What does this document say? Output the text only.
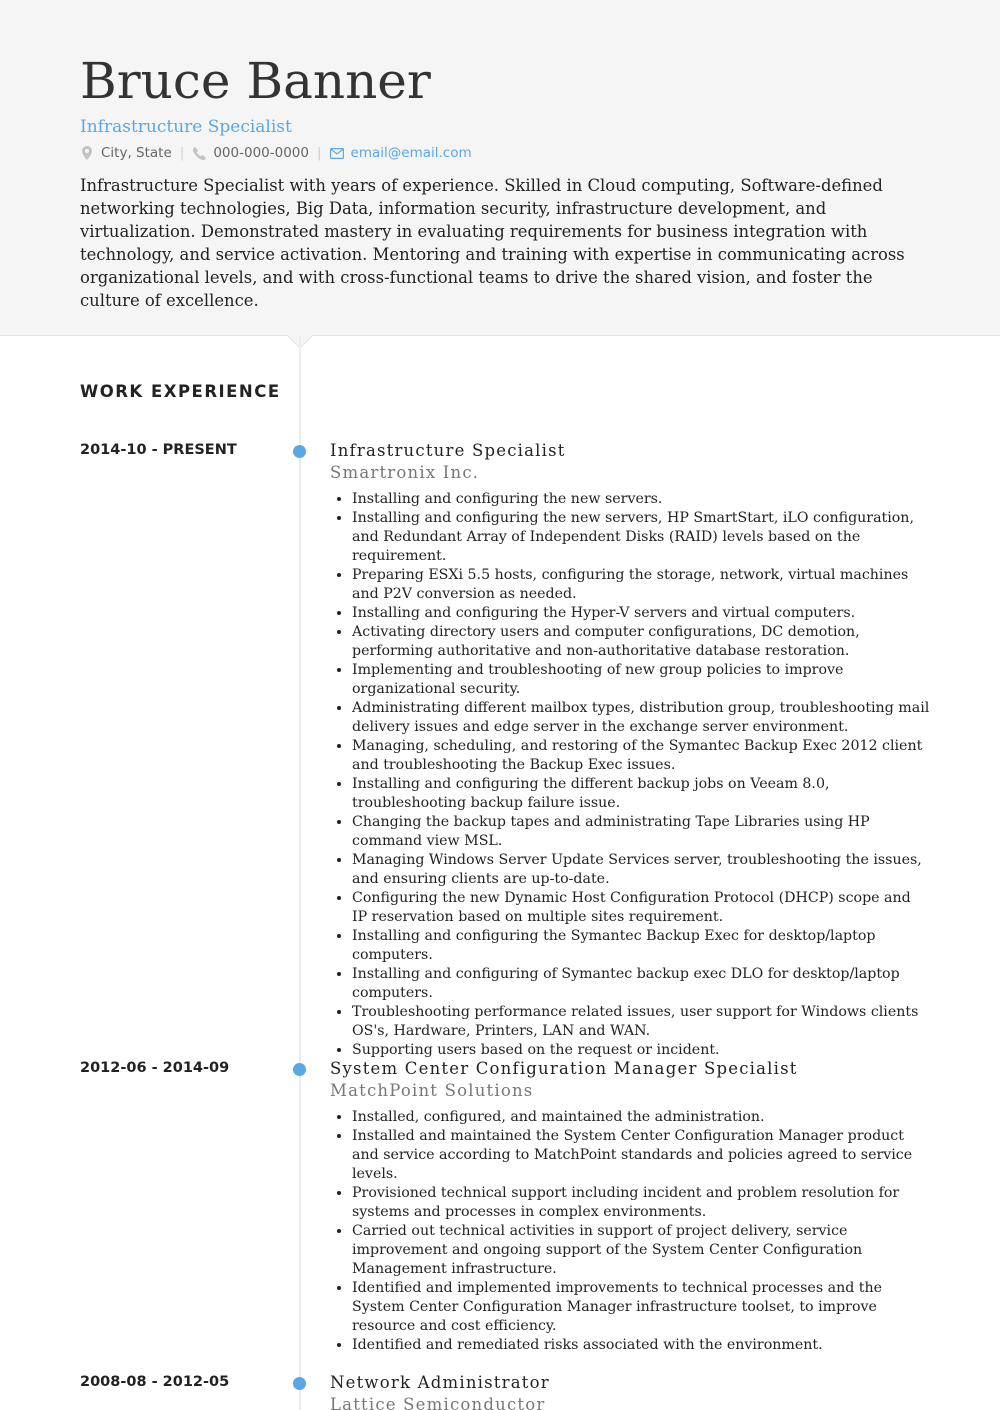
Bruce Banner
Infrastructure Specialist
City, State | 000-000-0000 | email@email.com

Infrastructure Specialist with years of experience. Skilled in Cloud computing, Software-defined networking technologies, Big Data, information security, infrastructure development, and virtualization. Demonstrated mastery in evaluating requirements for business integration with technology, and service activation. Mentoring and training with expertise in communicating across organizational levels, and with cross-functional teams to drive the shared vision, and foster the culture of excellence.

WORK EXPERIENCE
2014-10 - PRESENT	Infrastructure Specialist
Smartronix Inc.
• Installing and configuring the new servers.
• Installing and configuring the new servers, HP SmartStart, iLO configuration, and Redundant Array of Independent Disks (RAID) levels based on the requirement.
• Preparing ESXi 5.5 hosts, configuring the storage, network, virtual machines and P2V conversion as needed.
• Installing and configuring the Hyper-V servers and virtual computers.
• Activating directory users and computer configurations, DC demotion, performing authoritative and non-authoritative database restoration.
• Implementing and troubleshooting of new group policies to improve organizational security.
• Administrating different mailbox types, distribution group, troubleshooting mail delivery issues and edge server in the exchange server environment.
• Managing, scheduling, and restoring of the Symantec Backup Exec 2012 client and troubleshooting the Backup Exec issues.
• Installing and configuring the different backup jobs on Veeam 8.0, troubleshooting backup failure issue.
• Changing the backup tapes and administrating Tape Libraries using HP command view MSL.
• Managing Windows Server Update Services server, troubleshooting the issues, and ensuring clients are up-to-date.
• Configuring the new Dynamic Host Configuration Protocol (DHCP) scope and IP reservation based on multiple sites requirement.
• Installing and configuring the Symantec Backup Exec for desktop/laptop computers.
• Installing and configuring of Symantec backup exec DLO for desktop/laptop computers.
• Troubleshooting performance related issues, user support for Windows clients OS's, Hardware, Printers, LAN and WAN.
• Supporting users based on the request or incident.
2012-06 - 2014-09	System Center Configuration Manager Specialist
MatchPoint Solutions
• Installed, configured, and maintained the administration.
• Installed and maintained the System Center Configuration Manager product and service according to MatchPoint standards and policies agreed to service levels.
• Provisioned technical support including incident and problem resolution for systems and processes in complex environments.
• Carried out technical activities in support of project delivery, service improvement and ongoing support of the System Center Configuration Management infrastructure.
• Identified and implemented improvements to technical processes and the System Center Configuration Manager infrastructure toolset, to improve resource and cost efficiency.
• Identified and remediated risks associated with the environment.
2008-08 - 2012-05	Network Administrator
Lattice Semiconductor
